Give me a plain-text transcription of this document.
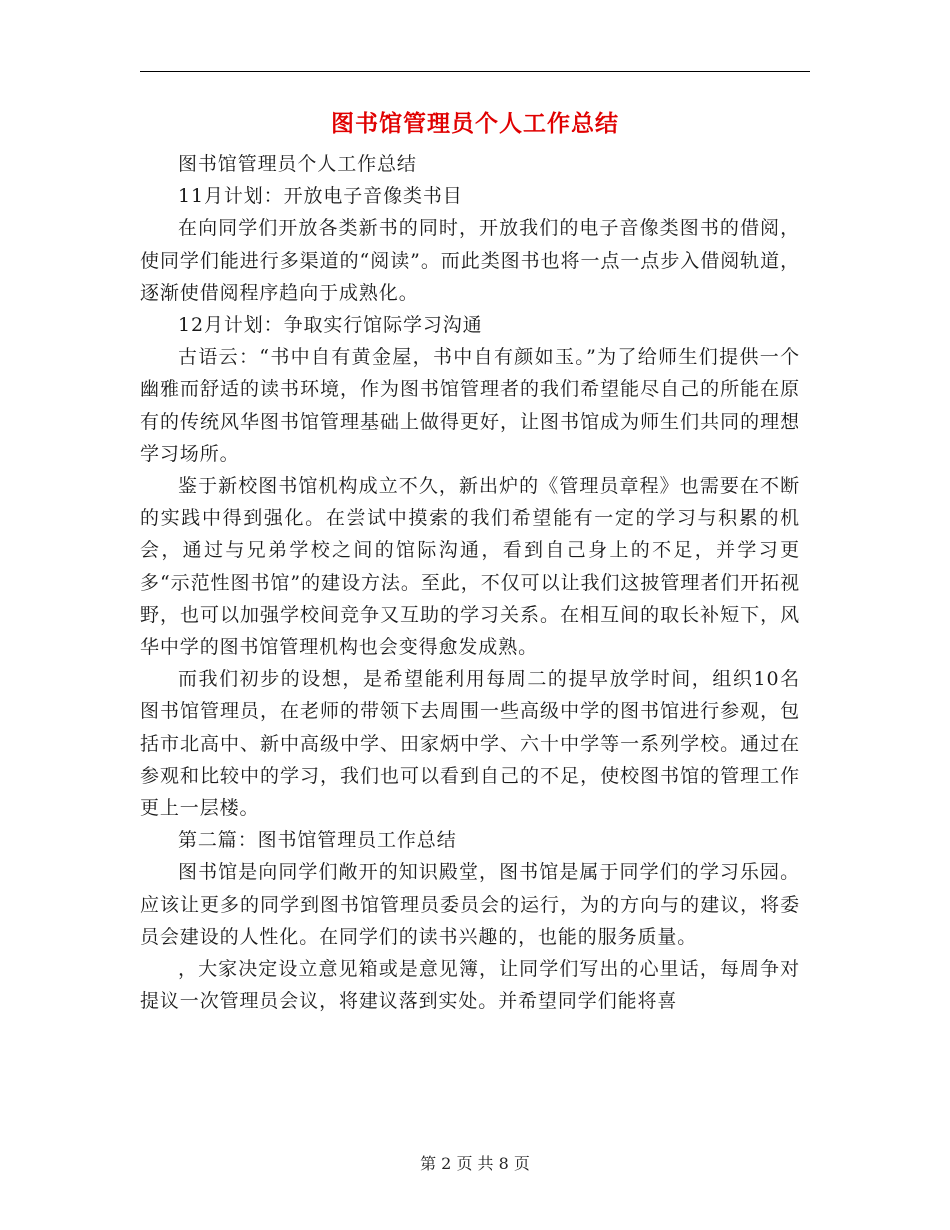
图书馆管理员个人工作总结

图书馆管理员个人工作总结

11月计划：开放电子音像类书目

在向同学们开放各类新书的同时，开放我们的电子音像类图书的借阅，使同学们能进行多渠道的“阅读”。而此类图书也将一点一点步入借阅轨道，逐渐使借阅程序趋向于成熟化。

12月计划：争取实行馆际学习沟通

古语云：“书中自有黄金屋，书中自有颜如玉。”为了给师生们提供一个幽雅而舒适的读书环境，作为图书馆管理者的我们希望能尽自己的所能在原有的传统风华图书馆管理基础上做得更好，让图书馆成为师生们共同的理想学习场所。

鉴于新校图书馆机构成立不久，新出炉的《管理员章程》也需要在不断的实践中得到强化。在尝试中摸索的我们希望能有一定的学习与积累的机会，通过与兄弟学校之间的馆际沟通，看到自己身上的不足，并学习更多“示范性图书馆”的建设方法。至此，不仅可以让我们这披管理者们开拓视野，也可以加强学校间竞争又互助的学习关系。在相互间的取长补短下，风华中学的图书馆管理机构也会变得愈发成熟。

而我们初步的设想，是希望能利用每周二的提早放学时间，组织10名图书馆管理员，在老师的带领下去周围一些高级中学的图书馆进行参观，包括市北高中、新中高级中学、田家炳中学、六十中学等一系列学校。通过在参观和比较中的学习，我们也可以看到自己的不足，使校图书馆的管理工作更上一层楼。

第二篇：图书馆管理员工作总结

图书馆是向同学们敞开的知识殿堂，图书馆是属于同学们的学习乐园。应该让更多的同学到图书馆管理员委员会的运行，为的方向与的建议，将委员会建设的人性化。在同学们的读书兴趣的，也能的服务质量。

，大家决定设立意见箱或是意见簿，让同学们写出的心里话，每周争对提议一次管理员会议，将建议落到实处。并希望同学们能将喜

第 2 页 共 8 页
